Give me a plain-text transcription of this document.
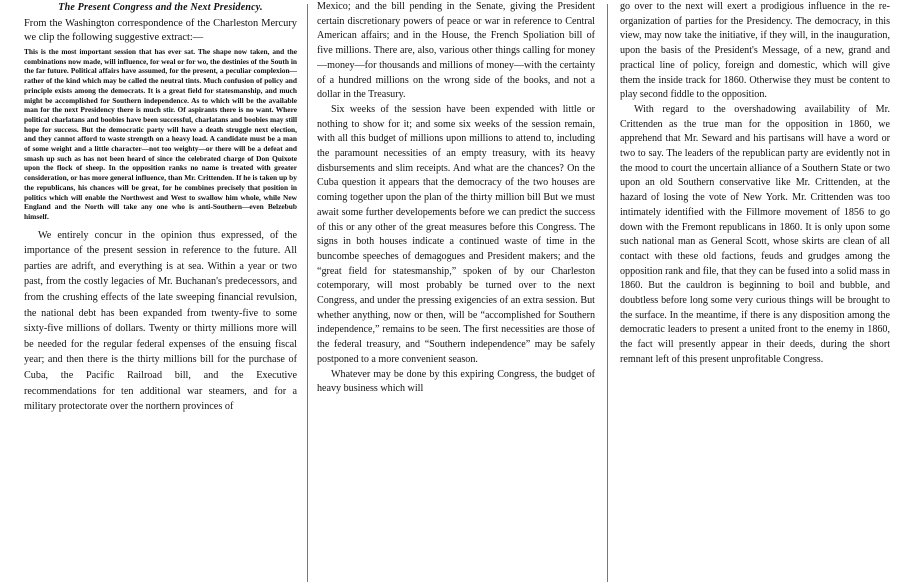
The Present Congress and the Next Presidency.

From the Washington correspondence of the Charleston Mercury we clip the following suggestive extract:—

This is the most important session that has ever sat. The shape now taken, and the combinations now made, will influence, for weal or for wo, the destinies of the South in the far future. Political affairs have assumed, for the present, a peculiar complexion—rather of the kind which may be called the neutral tints. Much confusion of policy and principle exists among the democrats. It is a great field for statesmanship, and much might be accomplished for Southern independence. As to which will be the available man for the next Presidency there is much stir. Of aspirants there is no want. Where political charlatans and boobies have been successful, charlatans and boobies may still hope for success. But the democratic party will have a death struggle next election, and they cannot afford to waste strength on a heavy load. A candidate must be a man of some weight and a little character—not too weighty—or there will be a defeat and smash up such as has not been heard of since the celebrated charge of Don Quixote upon the flock of sheep. In the opposition ranks no name is treated with greater consideration, or has more general influence, than Mr. Crittenden. If he is taken up by the republicans, his chances will be great, for he combines precisely that position in politics which will enable the Northwest and West to swallow him whole, while New England and the North will take any one who is anti-Southern—even Belzebub himself.

We entirely concur in the opinion thus expressed, of the importance of the present session in reference to the future. All parties are adrift, and everything is at sea. Within a year or two past, from the costly legacies of Mr. Buchanan's predecessors, and from the crushing effects of the late sweeping financial revulsion, the national debt has been expanded from twenty-five to some sixty-five millions of dollars. Twenty or thirty millions more will be needed for the regular federal expenses of the ensuing fiscal year; and then there is the thirty millions bill for the purchase of Cuba, the Pacific Railroad bill, and the Executive recommendations for ten additional war steamers, and for a military protectorate over the northern provinces of

Mexico; and the bill pending in the Senate, giving the President certain discretionary powers of peace or war in reference to Central American affairs; and in the House, the French Spoliation bill of five millions. There are, also, various other things calling for money—money—for thousands and millions of money—with the certainty of a hundred millions on the wrong side of the books, and not a dollar in the Treasury.

Six weeks of the session have been expended with little or nothing to show for it; and some six weeks of the session remain, with all this budget of millions upon millions to attend to, including the paramount necessities of an empty treasury, with its heavy disbursements and slim receipts. And what are the chances? On the Cuba question it appears that the democracy of the two houses are coming together upon the plan of the thirty million bill But we must await some further developements before we can predict the success of this or any other of the great measures before this Congress. The signs in both houses indicate a continued waste of time in the buncombe speeches of demagogues and President makers; and the “great field for statesmanship,” spoken of by our Charleston cotemporary, will most probably be turned over to the next Congress, and under the pressing exigencies of an extra session. But whether anything, now or then, will be “accomplished for Southern independence,” remains to be seen. The first necessities are those of the federal treasury, and “Southern independence” may be safely postponed to a more convenient season.

Whatever may be done by this expiring Congress, the budget of heavy business which will

go over to the next will exert a prodigious influence in the re-organization of parties for the Presidency. The democracy, in this view, may now take the initiative, if they will, in the inauguration, upon the basis of the President's Message, of a new, grand and practical line of policy, foreign and domestic, which will give them the inside track for 1860. Otherwise they must be content to play second fiddle to the opposition.

With regard to the overshadowing availability of Mr. Crittenden as the true man for the opposition in 1860, we apprehend that Mr. Seward and his partisans will have a word or two to say. The leaders of the republican party are evidently not in the mood to court the uncertain alliance of a Southern State or two upon an old Southern conservative like Mr. Crittenden, at the hazard of losing the vote of New York. Mr. Crittenden was too intimately identified with the Fillmore movement of 1856 to go down with the Fremont republicans in 1860. It is only upon some such national man as General Scott, whose skirts are clean of all contact with these old factions, feuds and grudges among the opposition rank and file, that they can be fused into a solid mass in 1860. But the cauldron is beginning to boil and bubble, and doubtless before long some very curious things will be brought to the surface. In the meantime, if there is any disposition among the democratic leaders to present a united front to the enemy in 1860, the fact will presently appear in their deeds, during the short remnant left of this present unprofitable Congress.
